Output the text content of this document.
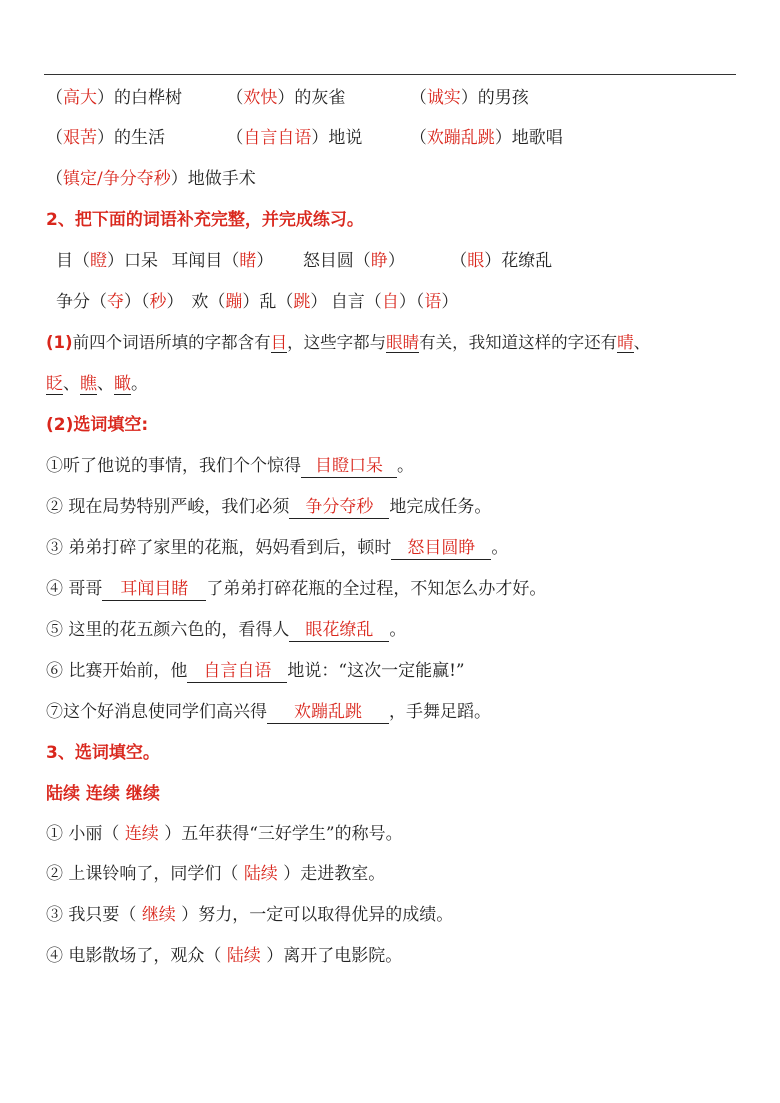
（高大）的白桦树	（欢快）的灰雀	（诚实）的男孩
（艰苦）的生活	（自言自语）地说	（欢蹦乱跳）地歌唱
（镇定/争分夺秒）地做手术
2、把下面的词语补充完整，并完成练习。
目（瞪）口呆 耳闻目（睹） 怒目圆（睁）	（眼）花缭乱
争分（夺）（秒） 欢（蹦）乱（跳） 自言（自）（语）
(1)前四个词语所填的字都含有目，这些字都与眼睛有关，我知道这样的字还有晴、
眨、瞧、瞰。
(2)选词填空:
①听了他说的事情，我们个个惊得 目瞪口呆 。
② 现在局势特别严峻，我们必须 争分夺秒 地完成任务。
③ 弟弟打碎了家里的花瓶，妈妈看到后，顿时 怒目圆睁 。
④ 哥哥 耳闻目睹 了弟弟打碎花瓶的全过程，不知怎么办才好。
⑤ 这里的花五颜六色的，看得人 眼花缭乱 。
⑥ 比赛开始前，他 自言自语 地说：“这次一定能赢!”
⑦这个好消息使同学们高兴得 欢蹦乱跳 ，手舞足蹈。
3、选词填空。
陆续 连续 继续
① 小丽（ 连续 ）五年获得“三好学生”的称号。
② 上课铃响了，同学们（ 陆续 ）走进教室。
③ 我只要（ 继续 ）努力，一定可以取得优异的成绩。
④ 电影散场了，观众（ 陆续 ）离开了电影院。
